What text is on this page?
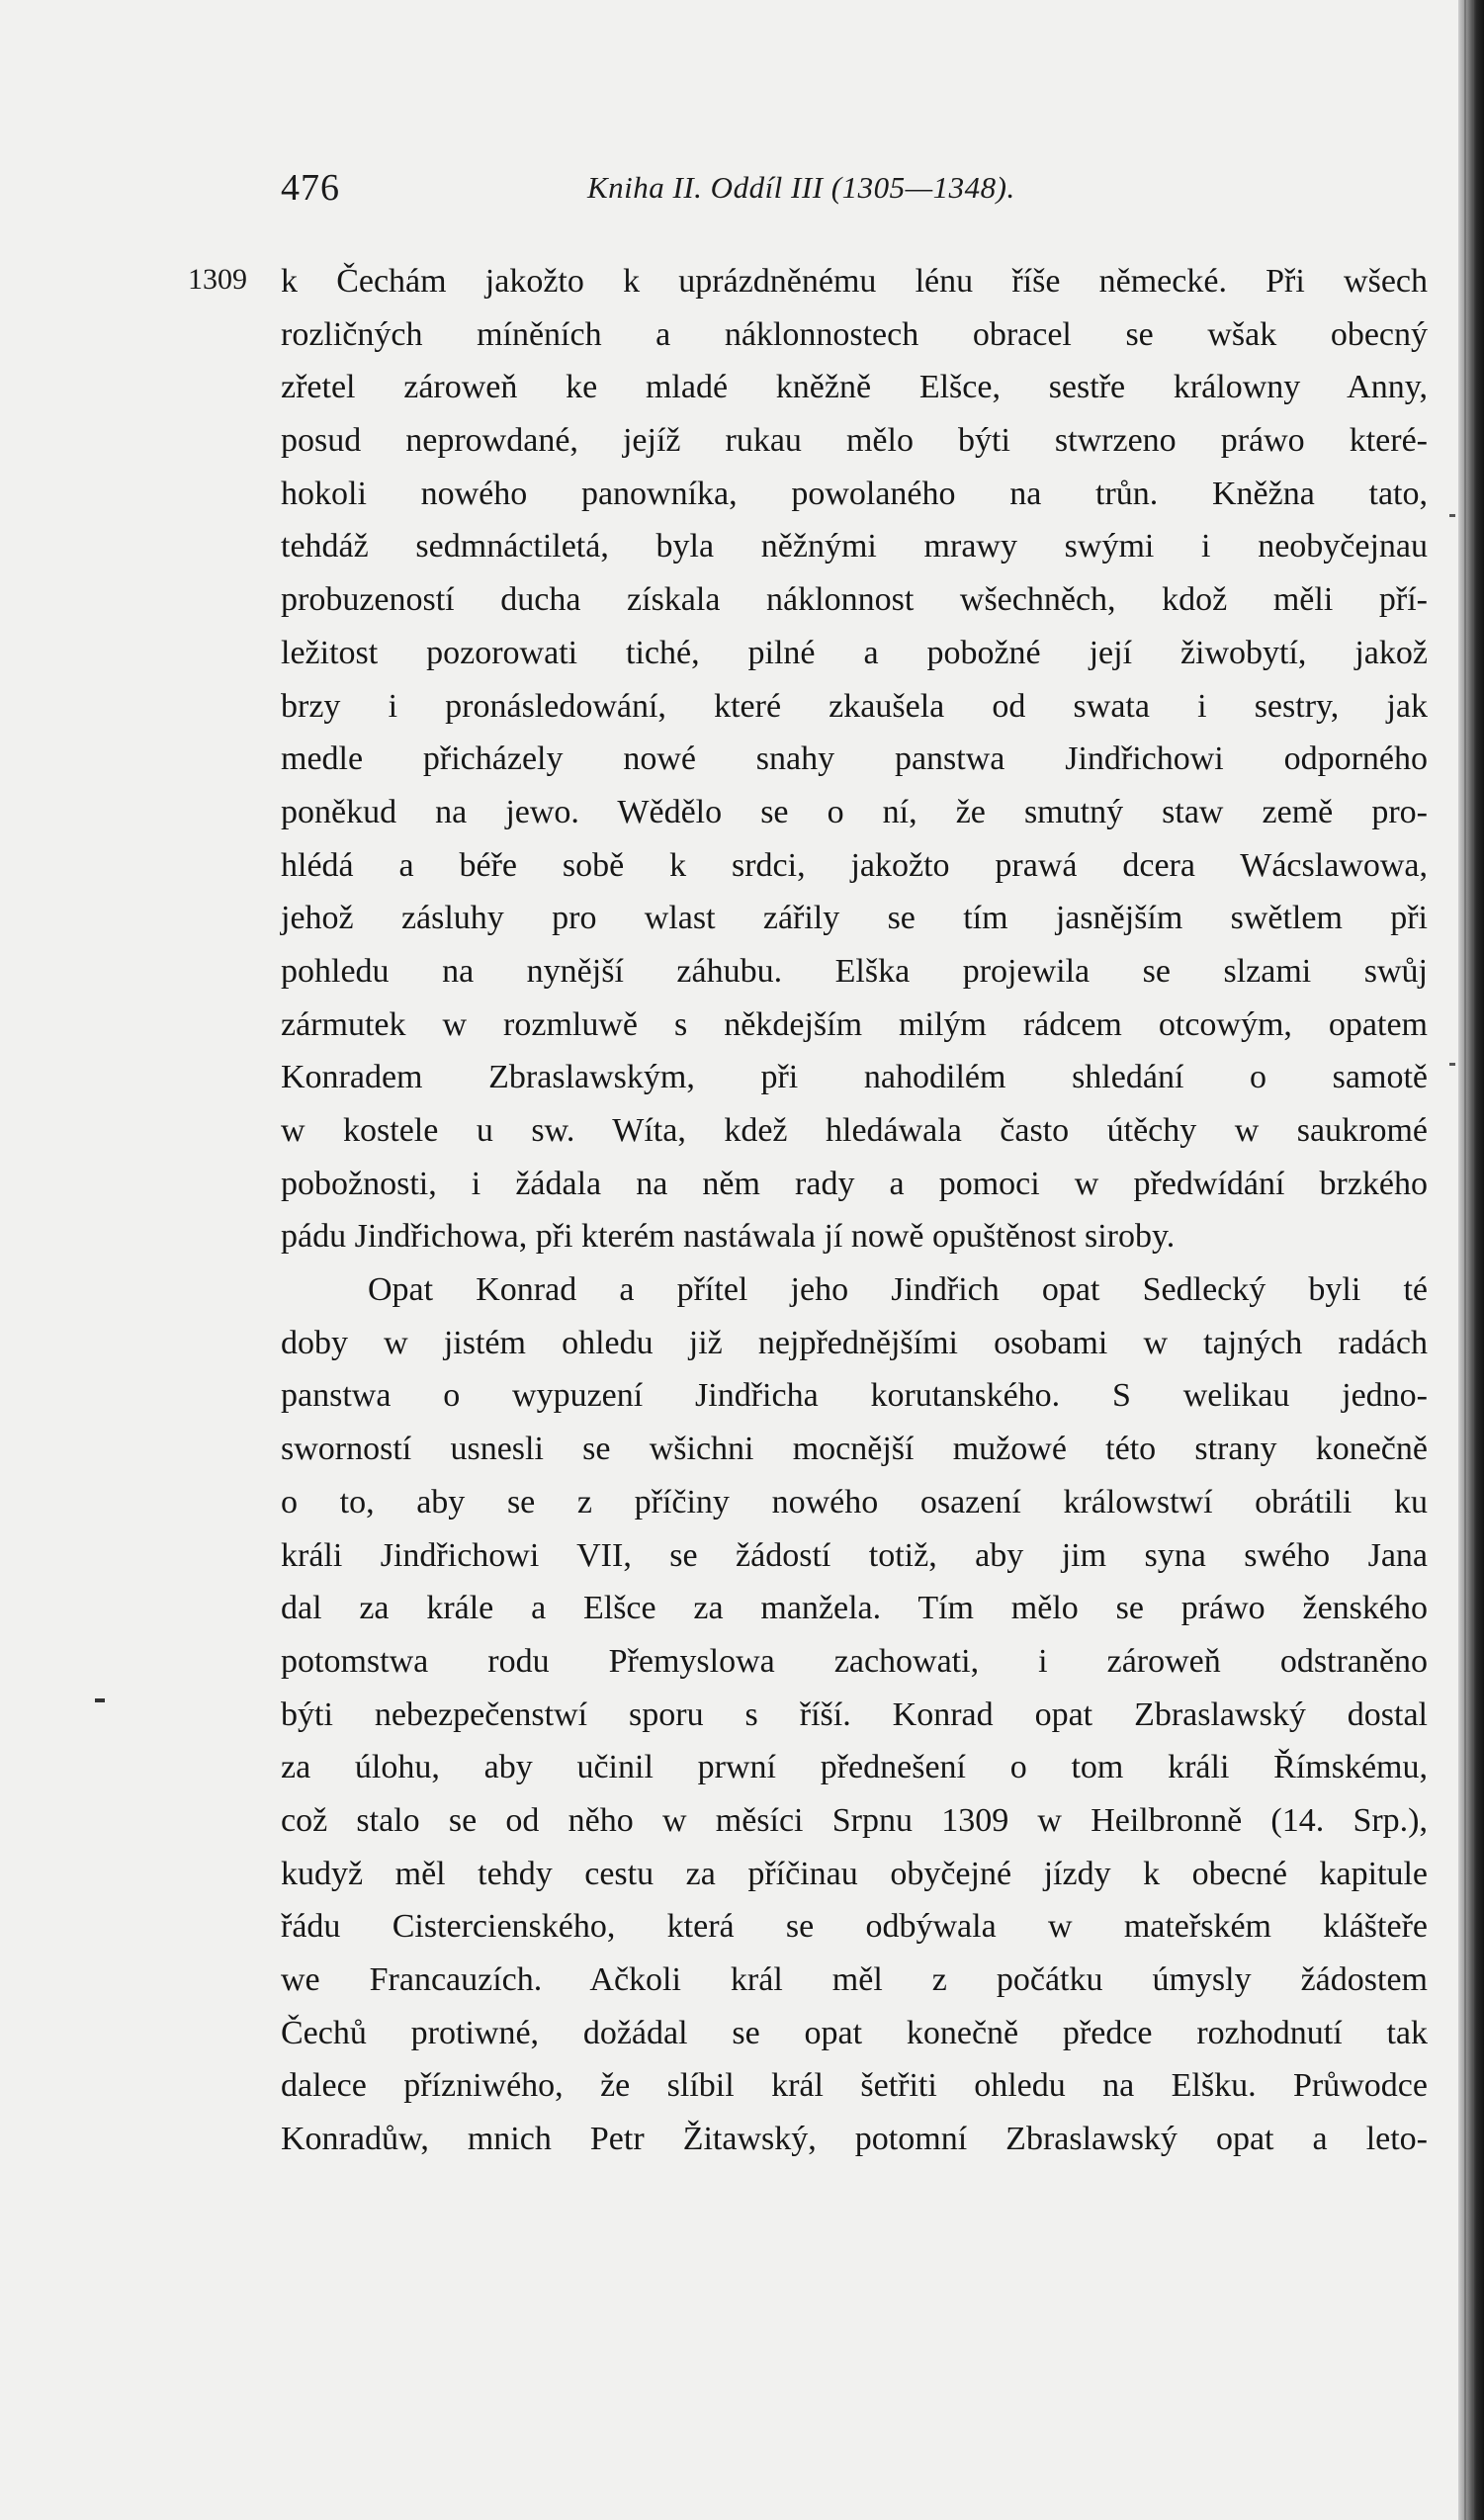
476	Kniha II. Oddíl III (1305—1348).
1309 k Čechám jakožto k uprázdněnému lénu říše německé. Při wšech
rozličných míněních a náklonnostech obracel se wšak obecný
zřetel zároweň ke mladé kněžně Elšce, sestře králowny Anny,
posud neprowdané, jejíž rukau mělo býti stwrzeno práwo které-
hokoli nowého panowníka, powolaného na trůn. Kněžna tato,
tehdáž sedmnáctiletá, byla něžnými mrawy swými i neobyčejnau
probuzeností ducha získala náklonnost wšechněch, kdož měli pří-
ležitost pozorowati tiché, pilné a pobožné její žiwobytí, jakož
brzy i pronásledowání, které zkaušela od swata i sestry, jak
medle přicházely nowé snahy panstwa Jindřichowi odporného
poněkud na jewo. Wědělo se o ní, že smutný staw země pro-
hlédá a béře sobě k srdci, jakožto prawá dcera Wácslawowa,
jehož zásluhy pro wlast zářily se tím jasnějším swětlem při
pohledu na nynější záhubu. Elška projewila se slzami swůj
zármutek w rozmluwě s někdejším milým rádcem otcowým, opatem
Konradem Zbraslawským, při nahodilém shledání o samotě
w kostele u sw. Wíta, kdež hledáwala často útěchy w saukromé
pobožnosti, i žádala na něm rady a pomoci w předwídání brzkého
pádu Jindřichowa, při kterém nastáwala jí nowě opuštěnost siroby.
Opat Konrad a přítel jeho Jindřich opat Sedlecký byli té
doby w jistém ohledu již nejpřednějšími osobami w tajných radách
panstwa o wypuzení Jindřicha korutanského. S welikau jedno-
sworností usnesli se wšichni mocnější mužowé této strany konečně
o to, aby se z příčiny nowého osazení králowstwí obrátili ku
králi Jindřichowi VII, se žádostí totiž, aby jim syna swého Jana
dal za krále a Elšce za manžela. Tím mělo se práwo ženského
potomstwa rodu Přemyslowa zachowati, i zároweň odstraněno
býti nebezpečenstwí sporu s říší. Konrad opat Zbraslawský dostal
za úlohu, aby učinil prwní přednešení o tom králi Římskému,
což stalo se od něho w měsíci Srpnu 1309 w Heilbronně (14. Srp.),
kudyž měl tehdy cestu za příčinau obyčejné jízdy k obecné kapitule
řádu Cistercienského, která se odbýwala w mateřském klášteře
we Francauzích. Ačkoli král měl z počátku úmysly žádostem
Čechů protiwné, dožádal se opat konečně předce rozhodnutí tak
dalece přízniwého, že slíbil král šetřiti ohledu na Elšku. Průwodce
Konradůw, mnich Petr Žitawský, potomní Zbraslawský opat a leto-
